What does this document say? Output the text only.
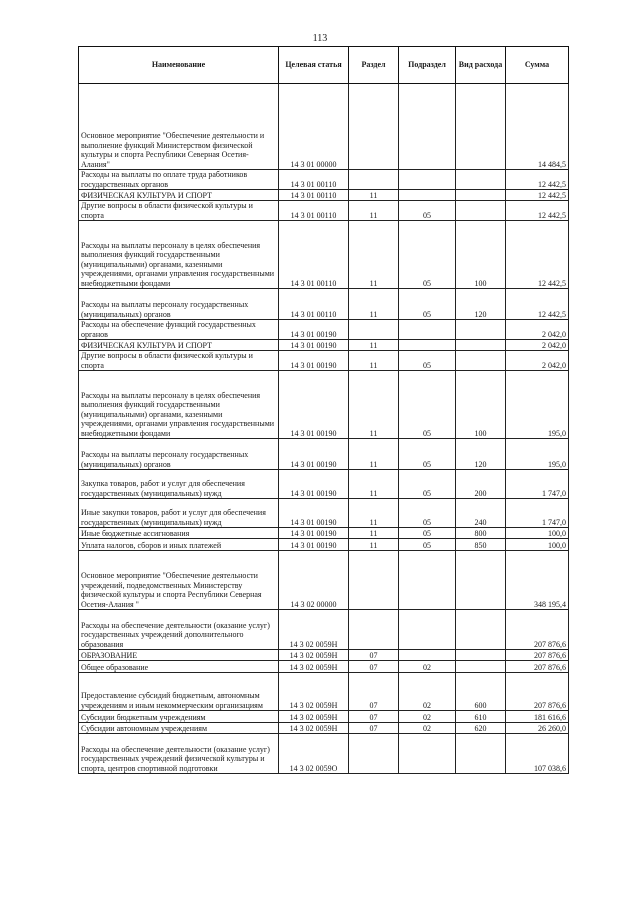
113
Наименование	Целевая статья	Раздел	Подраздел	Вид расхода	Сумма
Основное мероприятие "Обеспечение деятельности и выполнение функций Министерством физической культуры и спорта Республики Северная Осетия-Алания"	14 3 01 00000				14 484,5
Расходы на выплаты по оплате труда работников государственных органов	14 3 01 00110				12 442,5
ФИЗИЧЕСКАЯ КУЛЬТУРА И СПОРТ	14 3 01 00110	11			12 442,5
Другие вопросы в области физической культуры и спорта	14 3 01 00110	11	05		12 442,5
Расходы на выплаты персоналу в целях обеспечения выполнения функций государственными (муниципальными) органами, казенными учреждениями, органами управления государственными внебюджетными фондами	14 3 01 00110	11	05	100	12 442,5
Расходы на выплаты персоналу государственных (муниципальных) органов	14 3 01 00110	11	05	120	12 442,5
Расходы на обеспечение функций государственных органов	14 3 01 00190				2 042,0
ФИЗИЧЕСКАЯ КУЛЬТУРА И СПОРТ	14 3 01 00190	11			2 042,0
Другие вопросы в области физической культуры и спорта	14 3 01 00190	11	05		2 042,0
Расходы на выплаты персоналу в целях обеспечения выполнения функций государственными (муниципальными) органами, казенными учреждениями, органами управления государственными внебюджетными фондами	14 3 01 00190	11	05	100	195,0
Расходы на выплаты персоналу государственных (муниципальных) органов	14 3 01 00190	11	05	120	195,0
Закупка товаров, работ и услуг для обеспечения государственных (муниципальных) нужд	14 3 01 00190	11	05	200	1 747,0
Иные закупки товаров, работ и услуг для обеспечения государственных (муниципальных) нужд	14 3 01 00190	11	05	240	1 747,0
Иные бюджетные ассигнования	14 3 01 00190	11	05	800	100,0
Уплата налогов, сборов и иных платежей	14 3 01 00190	11	05	850	100,0
Основное мероприятие "Обеспечение деятельности учреждений, подведомственных Министерству физической культуры и спорта Республики Северная Осетия-Алания "	14 3 02 00000				348 195,4
Расходы на обеспечение деятельности (оказание услуг) государственных учреждений дополнительного образования	14 3 02 0059Н				207 876,6
ОБРАЗОВАНИЕ	14 3 02 0059Н	07			207 876,6
Общее образование	14 3 02 0059Н	07	02		207 876,6
Предоставление субсидий бюджетным, автономным учреждениям и иным некоммерческим организациям	14 3 02 0059Н	07	02	600	207 876,6
Субсидии бюджетным учреждениям	14 3 02 0059Н	07	02	610	181 616,6
Субсидии автономным учреждениям	14 3 02 0059Н	07	02	620	26 260,0
Расходы на обеспечение деятельности (оказание услуг) государственных учреждений физической культуры и спорта, центров спортивной подготовки	14 3 02 0059О				107 038,6
